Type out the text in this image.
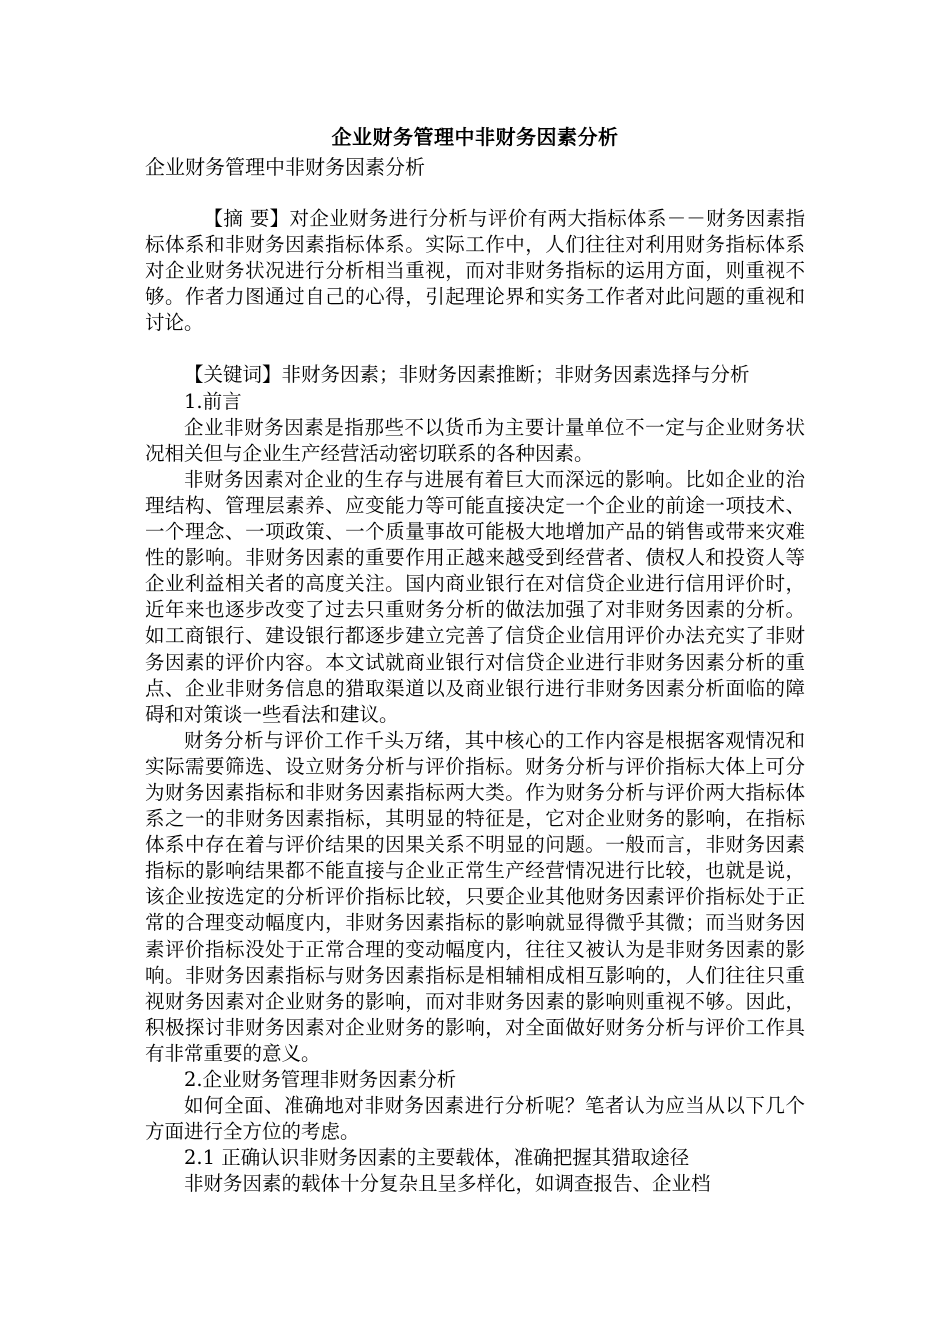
企业财务管理中非财务因素分析

企业财务管理中非财务因素分析

【摘 要】对企业财务进行分析与评价有两大指标体系－－财务因素指标体系和非财务因素指标体系。实际工作中，人们往往对利用财务指标体系对企业财务状况进行分析相当重视，而对非财务指标的运用方面，则重视不够。作者力图通过自己的心得，引起理论界和实务工作者对此问题的重视和讨论。

【关键词】非财务因素；非财务因素推断；非财务因素选择与分析

1.前言

企业非财务因素是指那些不以货币为主要计量单位不一定与企业财务状况相关但与企业生产经营活动密切联系的各种因素。

非财务因素对企业的生存与进展有着巨大而深远的影响。比如企业的治理结构、管理层素养、应变能力等可能直接决定一个企业的前途一项技术、一个理念、一项政策、一个质量事故可能极大地增加产品的销售或带来灾难性的影响。非财务因素的重要作用正越来越受到经营者、债权人和投资人等企业利益相关者的高度关注。国内商业银行在对信贷企业进行信用评价时，近年来也逐步改变了过去只重财务分析的做法加强了对非财务因素的分析。如工商银行、建设银行都逐步建立完善了信贷企业信用评价办法充实了非财务因素的评价内容。本文试就商业银行对信贷企业进行非财务因素分析的重点、企业非财务信息的猎取渠道以及商业银行进行非财务因素分析面临的障碍和对策谈一些看法和建议。

财务分析与评价工作千头万绪，其中核心的工作内容是根据客观情况和实际需要筛选、设立财务分析与评价指标。财务分析与评价指标大体上可分为财务因素指标和非财务因素指标两大类。作为财务分析与评价两大指标体系之一的非财务因素指标，其明显的特征是，它对企业财务的影响，在指标体系中存在着与评价结果的因果关系不明显的问题。一般而言，非财务因素指标的影响结果都不能直接与企业正常生产经营情况进行比较，也就是说，该企业按选定的分析评价指标比较，只要企业其他财务因素评价指标处于正常的合理变动幅度内，非财务因素指标的影响就显得微乎其微；而当财务因素评价指标没处于正常合理的变动幅度内，往往又被认为是非财务因素的影响。非财务因素指标与财务因素指标是相辅相成相互影响的，人们往往只重视财务因素对企业财务的影响，而对非财务因素的影响则重视不够。因此，积极探讨非财务因素对企业财务的影响，对全面做好财务分析与评价工作具有非常重要的意义。

2.企业财务管理非财务因素分析

如何全面、准确地对非财务因素进行分析呢？笔者认为应当从以下几个方面进行全方位的考虑。

2.1 正确认识非财务因素的主要载体，准确把握其猎取途径

非财务因素的载体十分复杂且呈多样化，如调查报告、企业档
